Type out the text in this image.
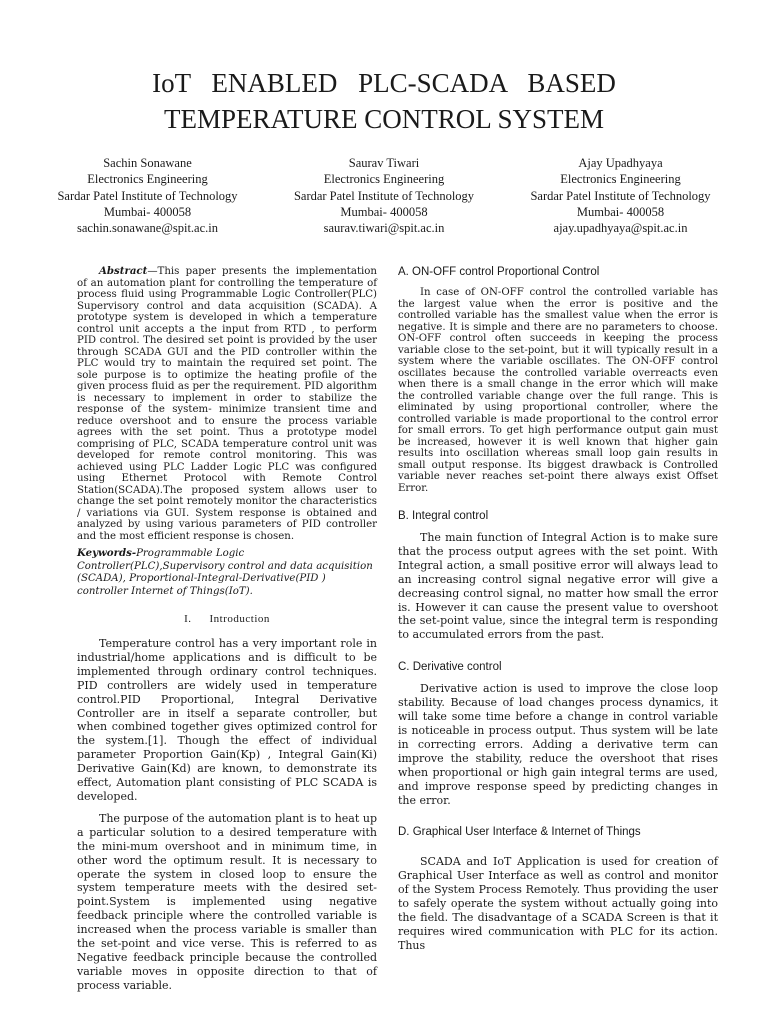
IoT ENABLED PLC-SCADA BASED
TEMPERATURE CONTROL SYSTEM
Sachin Sonawane
Electronics Engineering
Sardar Patel Institute of Technology
Mumbai- 400058
sachin.sonawane@spit.ac.in
Saurav Tiwari
Electronics Engineering
Sardar Patel Institute of Technology
Mumbai- 400058
saurav.tiwari@spit.ac.in
Ajay Upadhyaya
Electronics Engineering
Sardar Patel Institute of Technology
Mumbai- 400058
ajay.upadhyaya@spit.ac.in

Abstract—This paper presents the implementation of an automation plant for controlling the temperature of process fluid using Programmable Logic Controller(PLC) Supervisory control and data acquisition (SCADA). A prototype system is developed in which a temperature control unit accepts a the input from RTD , to perform PID control. The desired set point is provided by the user through SCADA GUI and the PID controller within the PLC would try to maintain the required set point. The sole purpose is to optimize the heating profile of the given process fluid as per the requirement. PID algorithm is necessary to implement in order to stabilize the response of the system- minimize transient time and reduce overshoot and to ensure the process variable agrees with the set point. Thus a prototype model comprising of PLC, SCADA temperature control unit was developed for remote control monitoring. This was achieved using PLC Ladder Logic PLC was configured using Ethernet Protocol with Remote Control Station(SCADA).The proposed system allows user to change the set point remotely monitor the characteristics / variations via GUI. System response is obtained and analyzed by using various parameters of PID controller and the most efficient response is chosen.

Keywords-Programmable Logic Controller(PLC),Supervisory control and data acquisition (SCADA), Proportional-Integral-Derivative(PID ) controller Internet of Things(IoT).

I. Introduction

Temperature control has a very important role in industrial/home applications and is difficult to be implemented through ordinary control techniques. PID controllers are widely used in temperature control.PID Proportional, Integral Derivative Controller are in itself a separate controller, but when combined together gives optimized control for the system.[1]. Though the effect of individual parameter Proportion Gain(Kp) , Integral Gain(Ki) Derivative Gain(Kd) are known, to demonstrate its effect, Automation plant consisting of PLC SCADA is developed.

The purpose of the automation plant is to heat up a particular solution to a desired temperature with the mini-mum overshoot and in minimum time, in other word the optimum result. It is necessary to operate the system in closed loop to ensure the system temperature meets with the desired set-point.System is implemented using negative feedback principle where the controlled variable is increased when the process variable is smaller than the set-point and vice verse. This is referred to as Negative feedback principle because the controlled variable moves in opposite direction to that of process variable.

A. ON-OFF control Proportional Control

In case of ON-OFF control the controlled variable has the largest value when the error is positive and the controlled variable has the smallest value when the error is negative. It is simple and there are no parameters to choose. ON-OFF control often succeeds in keeping the process variable close to the set-point, but it will typically result in a system where the variable oscillates. The ON-OFF control oscillates because the controlled variable overreacts even when there is a small change in the error which will make the controlled variable change over the full range. This is eliminated by using proportional controller, where the controlled variable is made proportional to the control error for small errors. To get high performance output gain must be increased, however it is well known that higher gain results into oscillation whereas small loop gain results in small output response. Its biggest drawback is Controlled variable never reaches set-point there always exist Offset Error.

B. Integral control

The main function of Integral Action is to make sure that the process output agrees with the set point. With Integral action, a small positive error will always lead to an increasing control signal negative error will give a decreasing control signal, no matter how small the error is. However it can cause the present value to overshoot the set-point value, since the integral term is responding to accumulated errors from the past.

C. Derivative control

Derivative action is used to improve the close loop stability. Because of load changes process dynamics, it will take some time before a change in control variable is noticeable in process output. Thus system will be late in correcting errors. Adding a derivative term can improve the stability, reduce the overshoot that rises when proportional or high gain integral terms are used, and improve response speed by predicting changes in the error.

D. Graphical User Interface & Internet of Things

SCADA and IoT Application is used for creation of Graphical User Interface as well as control and monitor of the System Process Remotely. Thus providing the user to safely operate the system without actually going into the field. The disadvantage of a SCADA Screen is that it requires wired communication with PLC for its action. Thus
